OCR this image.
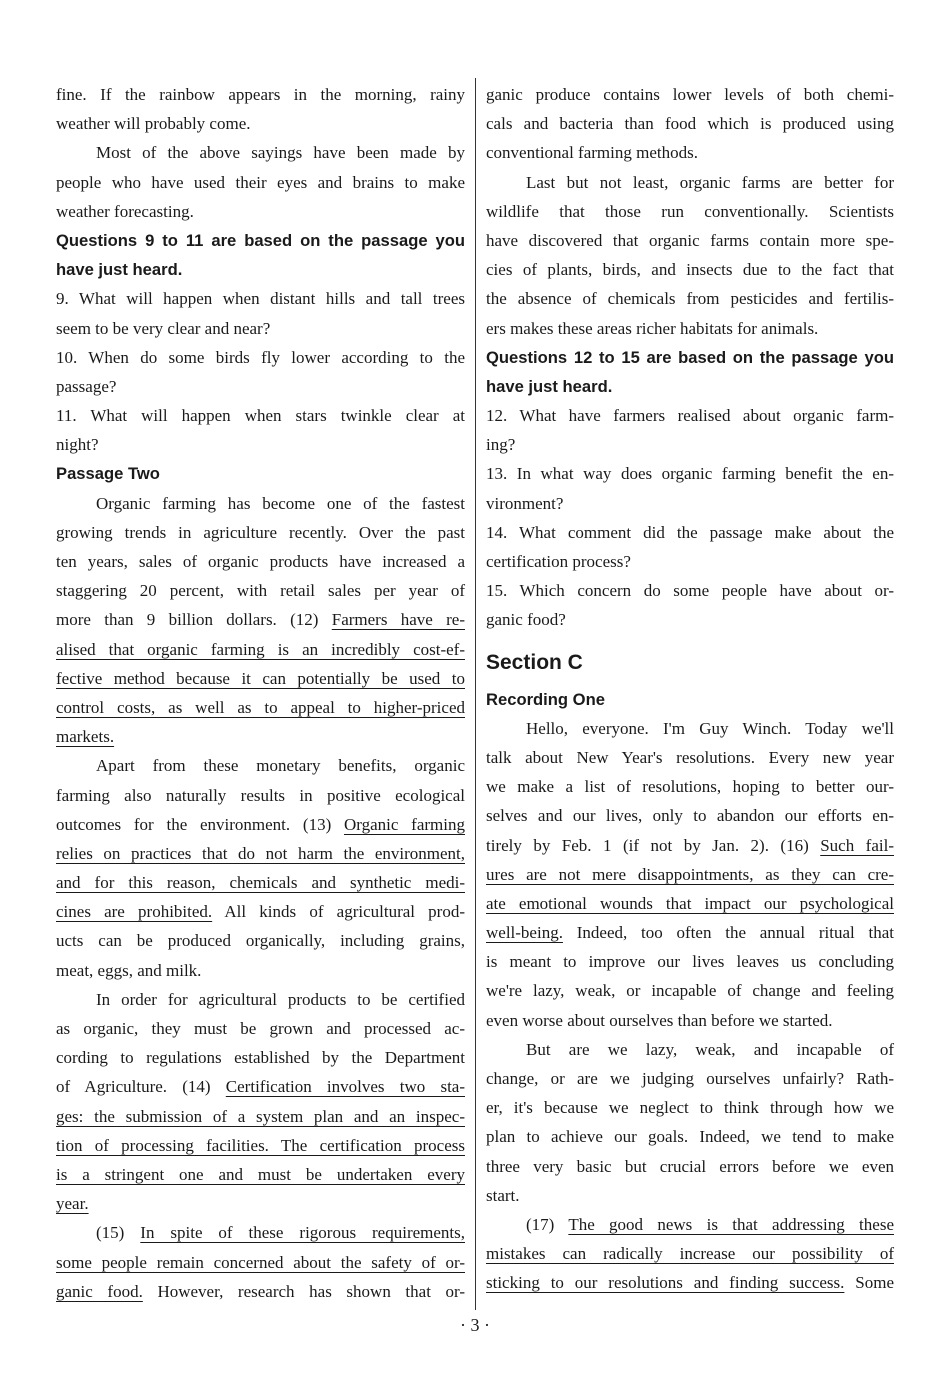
fine. If the rainbow appears in the morning, rainy
weather will probably come.
Most of the above sayings have been made by
people who have used their eyes and brains to make
weather forecasting.
Questions 9 to 11 are based on the passage you
have just heard.
9. What will happen when distant hills and tall trees
seem to be very clear and near?
10. When do some birds fly lower according to the
passage?
11. What will happen when stars twinkle clear at
night?
Passage Two
Organic farming has become one of the fastest
growing trends in agriculture recently. Over the past
ten years, sales of organic products have increased a
staggering 20 percent, with retail sales per year of
more than 9 billion dollars. (12) Farmers have re-
alised that organic farming is an incredibly cost-ef-
fective method because it can potentially be used to
control costs, as well as to appeal to higher-priced
markets.
Apart from these monetary benefits, organic
farming also naturally results in positive ecological
outcomes for the environment. (13) Organic farming
relies on practices that do not harm the environment,
and for this reason, chemicals and synthetic medi-
cines are prohibited. All kinds of agricultural prod-
ucts can be produced organically, including grains,
meat, eggs, and milk.
In order for agricultural products to be certified
as organic, they must be grown and processed ac-
cording to regulations established by the Department
of Agriculture. (14) Certification involves two sta-
ges: the submission of a system plan and an inspec-
tion of processing facilities. The certification process
is a stringent one and must be undertaken every
year.
(15) In spite of these rigorous requirements,
some people remain concerned about the safety of or-
ganic food. However, research has shown that or-
ganic produce contains lower levels of both chemi-
cals and bacteria than food which is produced using
conventional farming methods.
Last but not least, organic farms are better for
wildlife that those run conventionally. Scientists
have discovered that organic farms contain more spe-
cies of plants, birds, and insects due to the fact that
the absence of chemicals from pesticides and fertilis-
ers makes these areas richer habitats for animals.
Questions 12 to 15 are based on the passage you
have just heard.
12. What have farmers realised about organic farm-
ing?
13. In what way does organic farming benefit the en-
vironment?
14. What comment did the passage make about the
certification process?
15. Which concern do some people have about or-
ganic food?
Section C
Recording One
Hello, everyone. I'm Guy Winch. Today we'll
talk about New Year's resolutions. Every new year
we make a list of resolutions, hoping to better our-
selves and our lives, only to abandon our efforts en-
tirely by Feb. 1 (if not by Jan. 2). (16) Such fail-
ures are not mere disappointments, as they can cre-
ate emotional wounds that impact our psychological
well-being. Indeed, too often the annual ritual that
is meant to improve our lives leaves us concluding
we're lazy, weak, or incapable of change and feeling
even worse about ourselves than before we started.
But are we lazy, weak, and incapable of
change, or are we judging ourselves unfairly? Rath-
er, it's because we neglect to think through how we
plan to achieve our goals. Indeed, we tend to make
three very basic but crucial errors before we even
start.
(17) The good news is that addressing these
mistakes can radically increase our possibility of
sticking to our resolutions and finding success. Some
· 3 ·
